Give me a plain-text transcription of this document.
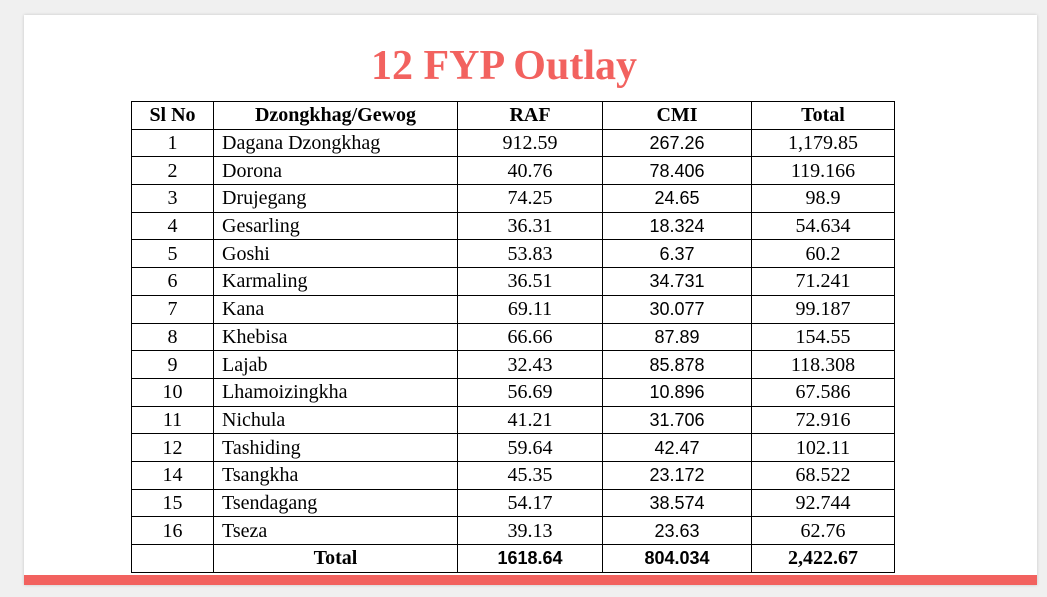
12 FYP Outlay
Sl No	Dzongkhag/Gewog	RAF	CMI	Total
1	Dagana Dzongkhag	912.59	267.26	1,179.85
2	Dorona	40.76	78.406	119.166
3	Drujegang	74.25	24.65	98.9
4	Gesarling	36.31	18.324	54.634
5	Goshi	53.83	6.37	60.2
6	Karmaling	36.51	34.731	71.241
7	Kana	69.11	30.077	99.187
8	Khebisa	66.66	87.89	154.55
9	Lajab	32.43	85.878	118.308
10	Lhamoizingkha	56.69	10.896	67.586
11	Nichula	41.21	31.706	72.916
12	Tashiding	59.64	42.47	102.11
14	Tsangkha	45.35	23.172	68.522
15	Tsendagang	54.17	38.574	92.744
16	Tseza	39.13	23.63	62.76
	Total	1618.64	804.034	2,422.67
